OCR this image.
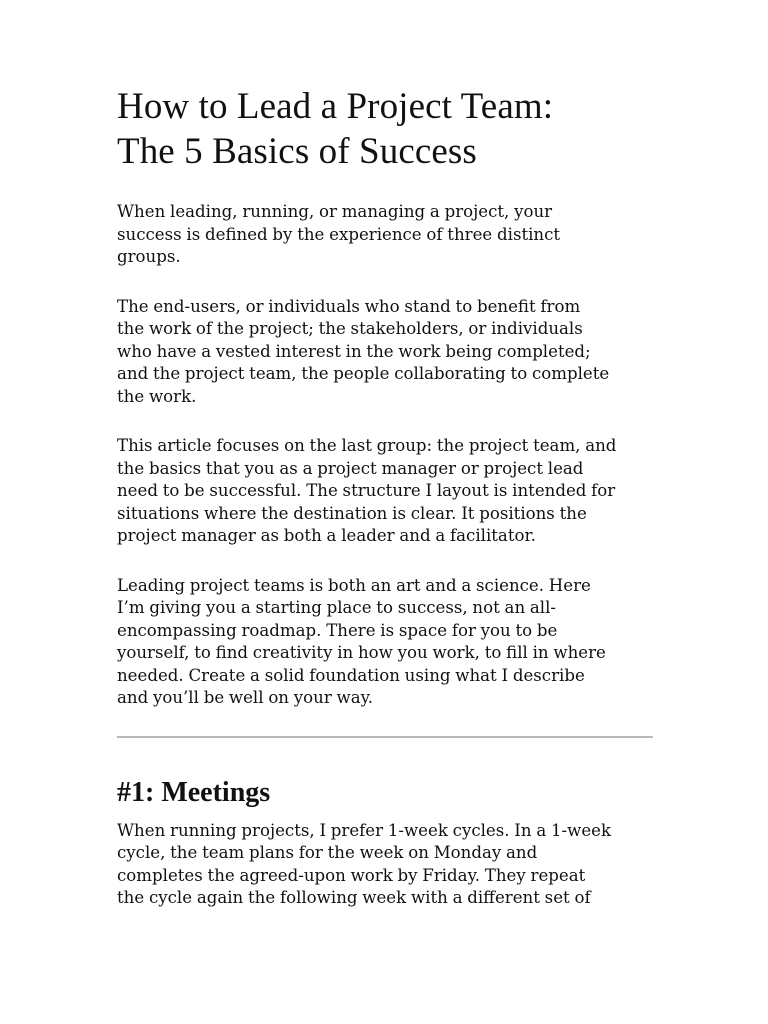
How to Lead a Project Team:
The 5 Basics of Success

When leading, running, or managing a project, your
success is defined by the experience of three distinct
groups.

The end-users, or individuals who stand to benefit from
the work of the project; the stakeholders, or individuals
who have a vested interest in the work being completed;
and the project team, the people collaborating to complete
the work.

This article focuses on the last group: the project team, and
the basics that you as a project manager or project lead
need to be successful. The structure I layout is intended for
situations where the destination is clear. It positions the
project manager as both a leader and a facilitator.

Leading project teams is both an art and a science. Here
I’m giving you a starting place to success, not an all-
encompassing roadmap. There is space for you to be
yourself, to find creativity in how you work, to fill in where
needed. Create a solid foundation using what I describe
and you’ll be well on your way.

#1: Meetings

When running projects, I prefer 1-week cycles. In a 1-week
cycle, the team plans for the week on Monday and
completes the agreed-upon work by Friday. They repeat
the cycle again the following week with a different set of
